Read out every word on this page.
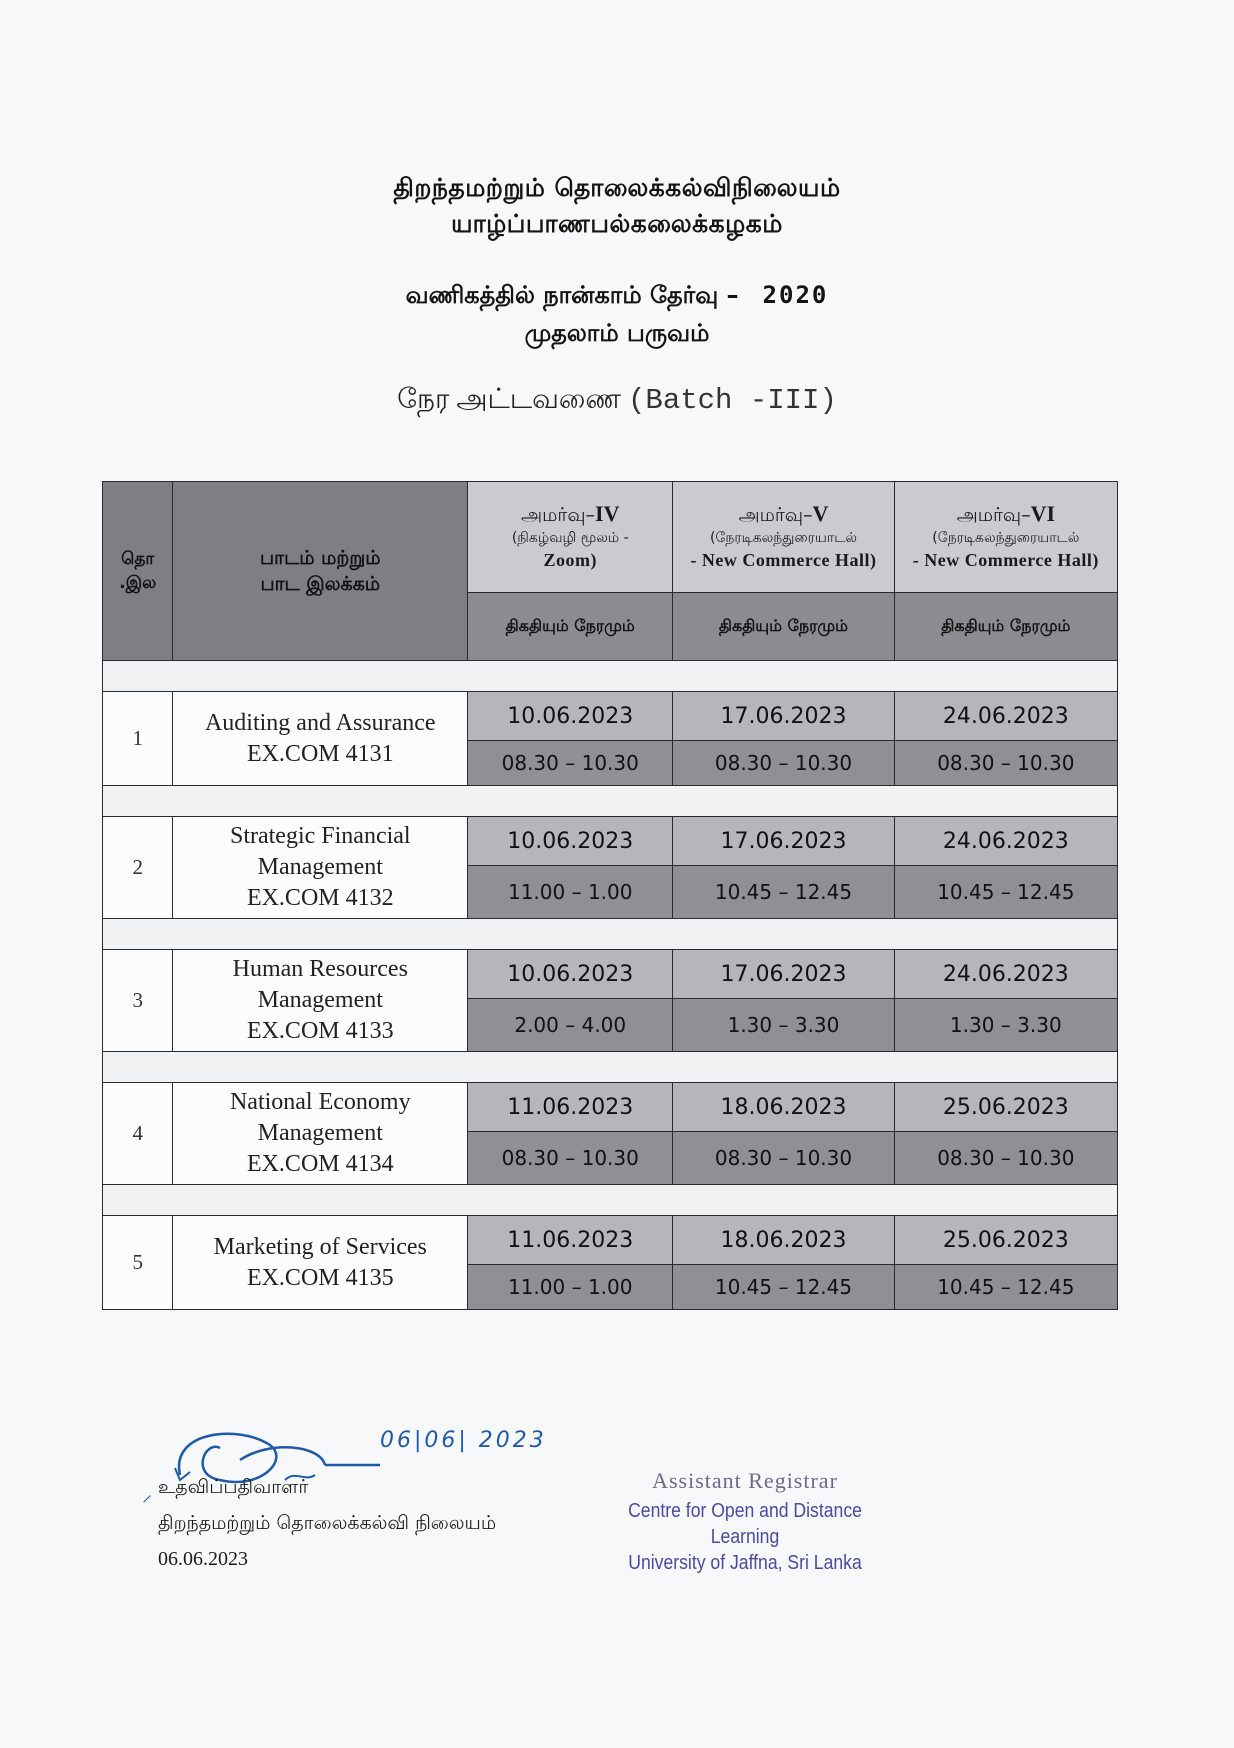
திறந்தமற்றும் தொலைக்கல்விநிலையம்
யாழ்ப்பாணபல்கலைக்கழகம்
வணிகத்தில் நான்காம் தேர்வு – 2020
முதலாம் பருவம்
நேர அட்டவணை (Batch -III)
தொ
.இல

பாடம் மற்றும்
பாட இலக்கம்

அமர்வு–IV
(நிகழ்வழி மூலம் -
Zoom)

அமர்வு–V
(நேரடிகலந்துரையாடல்
- New Commerce Hall)

அமர்வு–VI
(நேரடிகலந்துரையாடல்
- New Commerce Hall)

		திகதியும் நேரமும்	திகதியும் நேரமும்	திகதியும் நேரமும்

1	Auditing and Assurance
EX.COM 4131	10.06.2023	17.06.2023	24.06.2023
		08.30 – 10.30	08.30 – 10.30	08.30 – 10.30

2	Strategic Financial
Management
EX.COM 4132	10.06.2023	17.06.2023	24.06.2023
		11.00 – 1.00	10.45 – 12.45	10.45 – 12.45

3	Human Resources
Management
EX.COM 4133	10.06.2023	17.06.2023	24.06.2023
		2.00 – 4.00	1.30 – 3.30	1.30 – 3.30

4	National Economy
Management
EX.COM 4134	11.06.2023	18.06.2023	25.06.2023
		08.30 – 10.30	08.30 – 10.30	08.30 – 10.30

5	Marketing of Services
EX.COM 4135	11.06.2023	18.06.2023	25.06.2023
		11.00 – 1.00	10.45 – 12.45	10.45 – 12.45
06|06| 2023
⸝ உதவிப்பதிவாளர்
திறந்தமற்றும் தொலைக்கல்வி நிலையம்
06.06.2023
Assistant Registrar
Centre for Open and Distance Learning
University of Jaffna, Sri Lanka
